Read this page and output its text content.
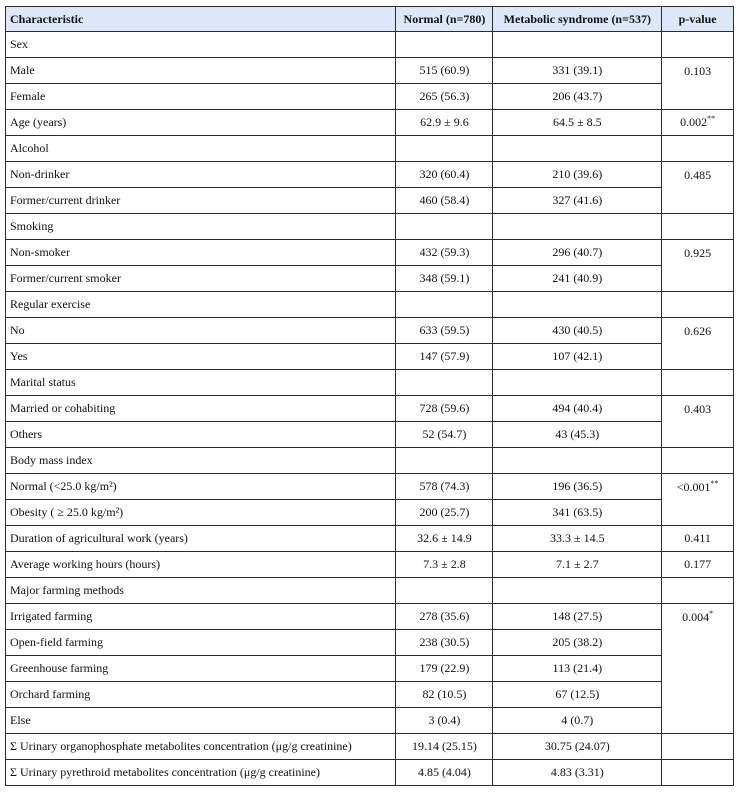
Characteristic	Normal (n=780)	Metabolic syndrome (n=537)	p-value
Sex			
Male	515 (60.9)	331 (39.1)	0.103
Female	265 (56.3)	206 (43.7)	
Age (years)	62.9 ± 9.6	64.5 ± 8.5	0.002**
Alcohol			
Non-drinker	320 (60.4)	210 (39.6)	0.485
Former/current drinker	460 (58.4)	327 (41.6)	
Smoking			
Non-smoker	432 (59.3)	296 (40.7)	0.925
Former/current smoker	348 (59.1)	241 (40.9)	
Regular exercise			
No	633 (59.5)	430 (40.5)	0.626
Yes	147 (57.9)	107 (42.1)	
Marital status			
Married or cohabiting	728 (59.6)	494 (40.4)	0.403
Others	52 (54.7)	43 (45.3)	
Body mass index			
Normal (<25.0 kg/m²)	578 (74.3)	196 (36.5)	<0.001**
Obesity ( ≥ 25.0 kg/m²)	200 (25.7)	341 (63.5)	
Duration of agricultural work (years)	32.6 ± 14.9	33.3 ± 14.5	0.411
Average working hours (hours)	7.3 ± 2.8	7.1 ± 2.7	0.177
Major farming methods			
Irrigated farming	278 (35.6)	148 (27.5)	0.004*
Open-field farming	238 (30.5)	205 (38.2)	
Greenhouse farming	179 (22.9)	113 (21.4)	
Orchard farming	82 (10.5)	67 (12.5)	
Else	3 (0.4)	4 (0.7)	
Σ Urinary organophosphate metabolites concentration (μg/g creatinine)	19.14 (25.15)	30.75 (24.07)	
Σ Urinary pyrethroid metabolites concentration (μg/g creatinine)	4.85 (4.04)	4.83 (3.31)	
